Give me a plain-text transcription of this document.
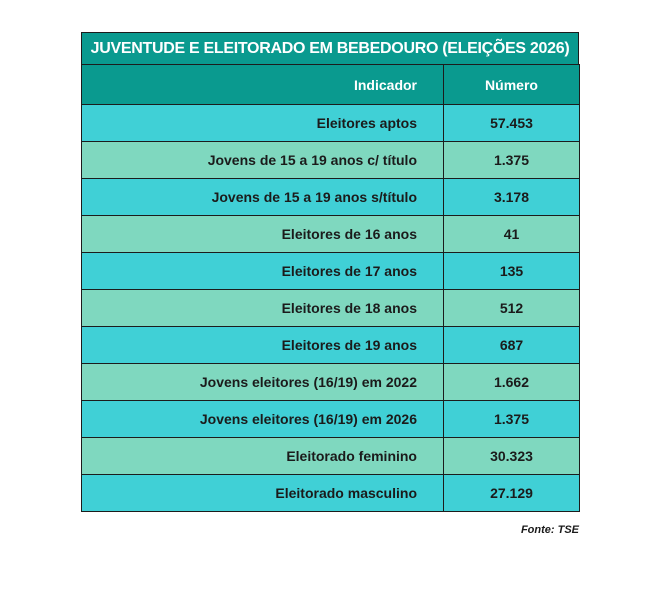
JUVENTUDE E ELEITORADO EM BEBEDOURO (ELEIÇÕES 2026)
Indicador	Número
Eleitores aptos	57.453
Jovens de 15 a 19 anos c/ título	1.375
Jovens de 15 a 19 anos s/título	3.178
Eleitores de 16 anos	41
Eleitores de 17 anos	135
Eleitores de 18 anos	512
Eleitores de 19 anos	687
Jovens eleitores (16/19) em 2022	1.662
Jovens eleitores (16/19) em 2026	1.375
Eleitorado feminino	30.323
Eleitorado masculino	27.129
Fonte: TSE
